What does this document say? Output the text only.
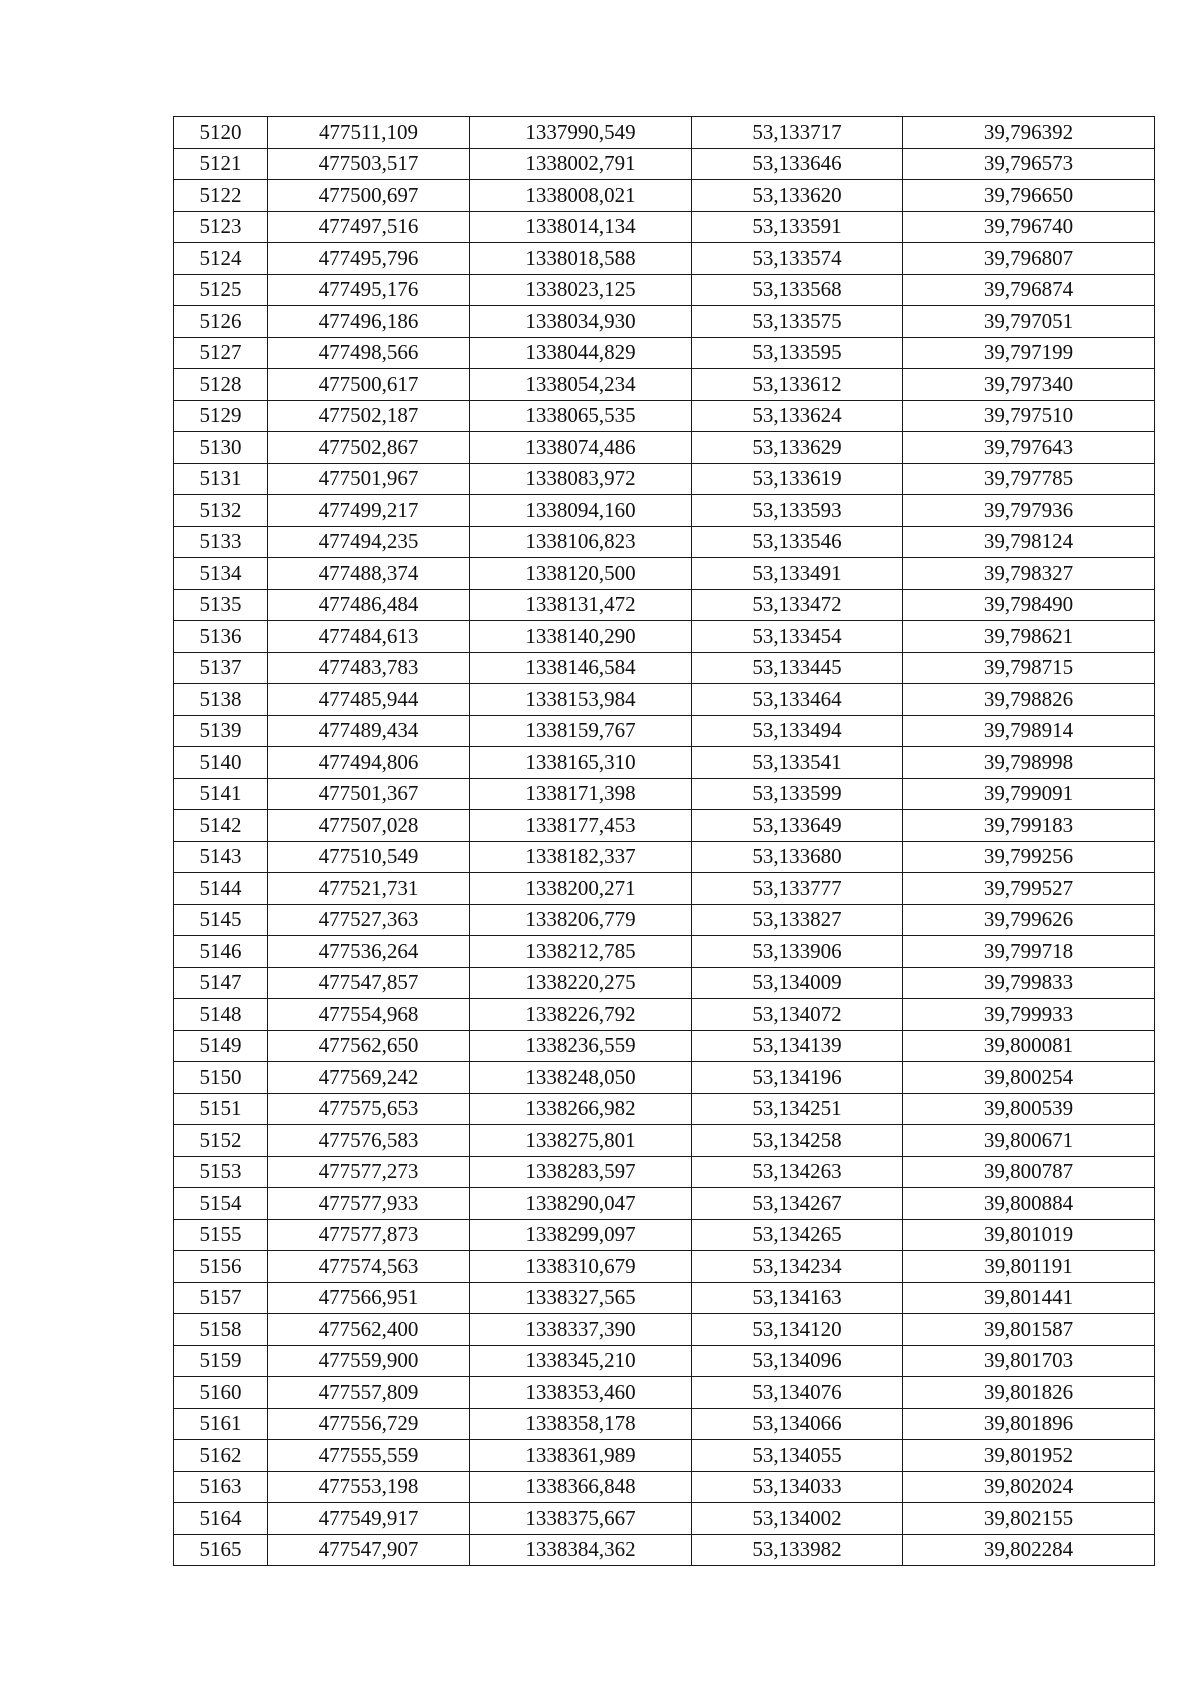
5120	477511,109	1337990,549	53,133717	39,796392
5121	477503,517	1338002,791	53,133646	39,796573
5122	477500,697	1338008,021	53,133620	39,796650
5123	477497,516	1338014,134	53,133591	39,796740
5124	477495,796	1338018,588	53,133574	39,796807
5125	477495,176	1338023,125	53,133568	39,796874
5126	477496,186	1338034,930	53,133575	39,797051
5127	477498,566	1338044,829	53,133595	39,797199
5128	477500,617	1338054,234	53,133612	39,797340
5129	477502,187	1338065,535	53,133624	39,797510
5130	477502,867	1338074,486	53,133629	39,797643
5131	477501,967	1338083,972	53,133619	39,797785
5132	477499,217	1338094,160	53,133593	39,797936
5133	477494,235	1338106,823	53,133546	39,798124
5134	477488,374	1338120,500	53,133491	39,798327
5135	477486,484	1338131,472	53,133472	39,798490
5136	477484,613	1338140,290	53,133454	39,798621
5137	477483,783	1338146,584	53,133445	39,798715
5138	477485,944	1338153,984	53,133464	39,798826
5139	477489,434	1338159,767	53,133494	39,798914
5140	477494,806	1338165,310	53,133541	39,798998
5141	477501,367	1338171,398	53,133599	39,799091
5142	477507,028	1338177,453	53,133649	39,799183
5143	477510,549	1338182,337	53,133680	39,799256
5144	477521,731	1338200,271	53,133777	39,799527
5145	477527,363	1338206,779	53,133827	39,799626
5146	477536,264	1338212,785	53,133906	39,799718
5147	477547,857	1338220,275	53,134009	39,799833
5148	477554,968	1338226,792	53,134072	39,799933
5149	477562,650	1338236,559	53,134139	39,800081
5150	477569,242	1338248,050	53,134196	39,800254
5151	477575,653	1338266,982	53,134251	39,800539
5152	477576,583	1338275,801	53,134258	39,800671
5153	477577,273	1338283,597	53,134263	39,800787
5154	477577,933	1338290,047	53,134267	39,800884
5155	477577,873	1338299,097	53,134265	39,801019
5156	477574,563	1338310,679	53,134234	39,801191
5157	477566,951	1338327,565	53,134163	39,801441
5158	477562,400	1338337,390	53,134120	39,801587
5159	477559,900	1338345,210	53,134096	39,801703
5160	477557,809	1338353,460	53,134076	39,801826
5161	477556,729	1338358,178	53,134066	39,801896
5162	477555,559	1338361,989	53,134055	39,801952
5163	477553,198	1338366,848	53,134033	39,802024
5164	477549,917	1338375,667	53,134002	39,802155
5165	477547,907	1338384,362	53,133982	39,802284
